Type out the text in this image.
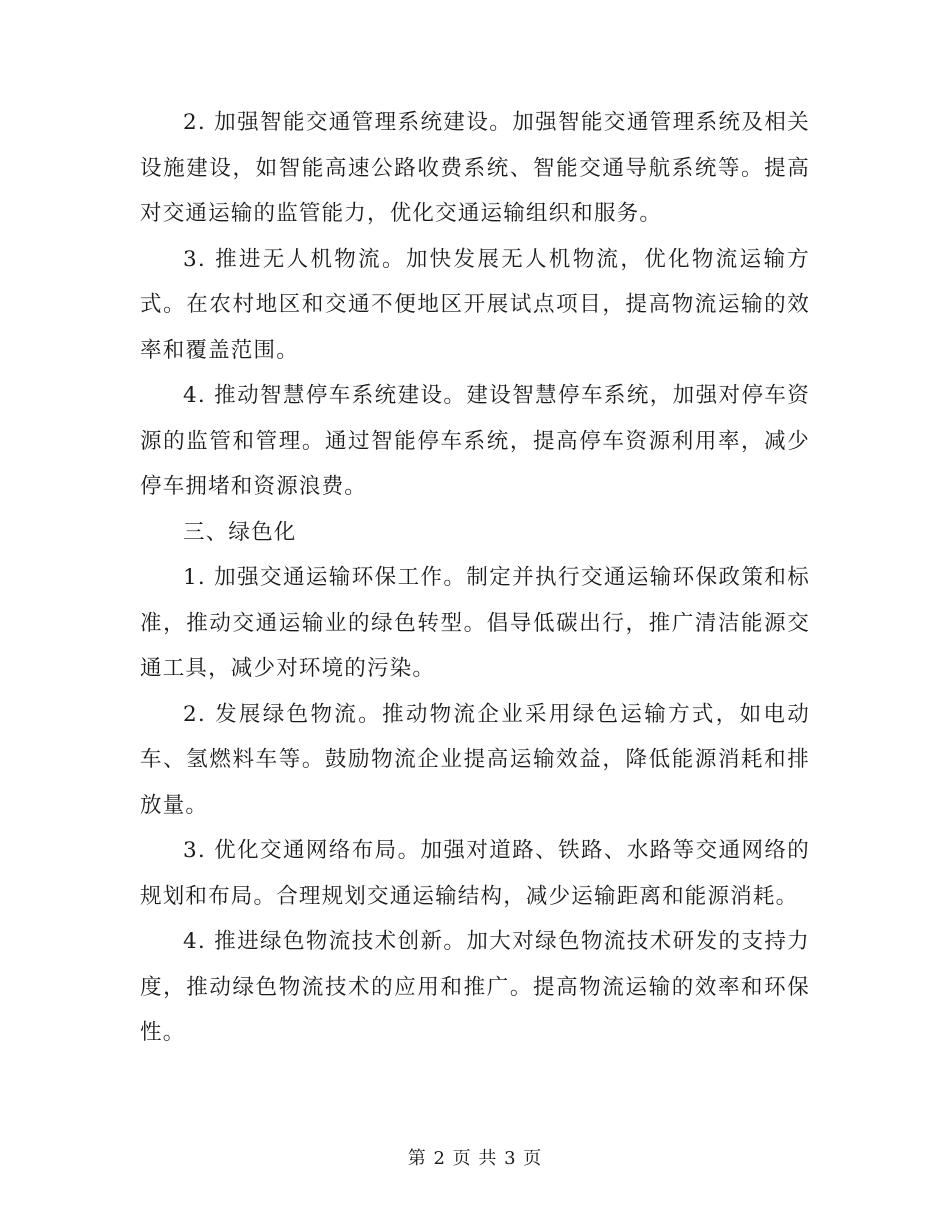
2. 加强智能交通管理系统建设。加强智能交通管理系统及相关设施建设，如智能高速公路收费系统、智能交通导航系统等。提高对交通运输的监管能力，优化交通运输组织和服务。

3. 推进无人机物流。加快发展无人机物流，优化物流运输方式。在农村地区和交通不便地区开展试点项目，提高物流运输的效率和覆盖范围。

4. 推动智慧停车系统建设。建设智慧停车系统，加强对停车资源的监管和管理。通过智能停车系统，提高停车资源利用率，减少停车拥堵和资源浪费。

三、绿色化

1. 加强交通运输环保工作。制定并执行交通运输环保政策和标准，推动交通运输业的绿色转型。倡导低碳出行，推广清洁能源交通工具，减少对环境的污染。

2. 发展绿色物流。推动物流企业采用绿色运输方式，如电动车、氢燃料车等。鼓励物流企业提高运输效益，降低能源消耗和排放量。

3. 优化交通网络布局。加强对道路、铁路、水路等交通网络的规划和布局。合理规划交通运输结构，减少运输距离和能源消耗。

4. 推进绿色物流技术创新。加大对绿色物流技术研发的支持力度，推动绿色物流技术的应用和推广。提高物流运输的效率和环保性。

第 2 页 共 3 页
